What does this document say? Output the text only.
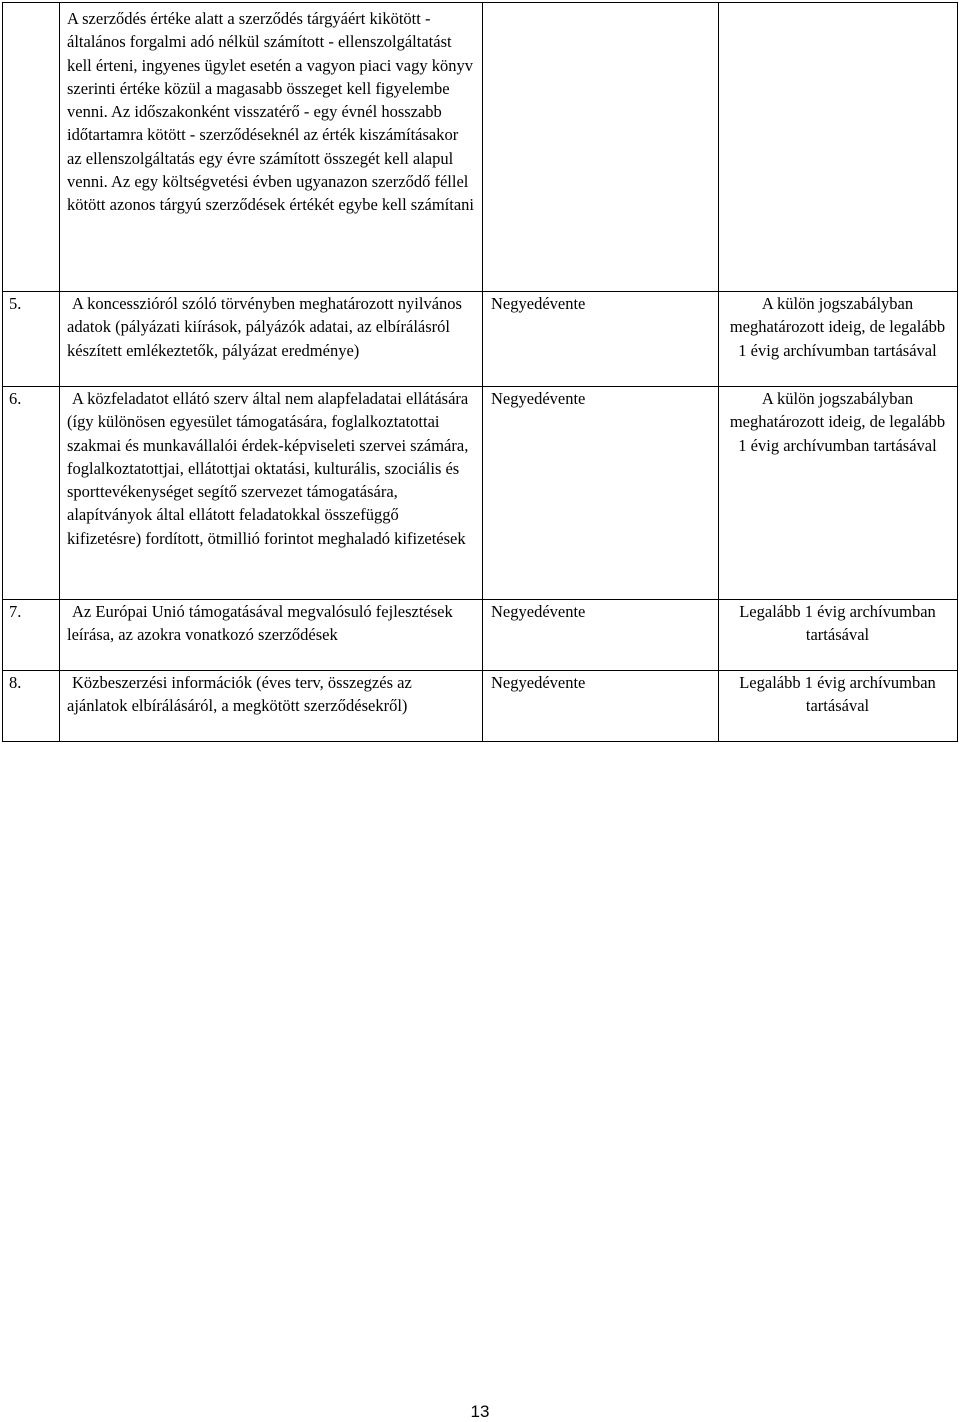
	A szerződés értéke alatt a szerződés tárgyáért kikötött - általános forgalmi adó nélkül számított - ellenszolgáltatást kell érteni, ingyenes ügylet esetén a vagyon piaci vagy könyv szerinti értéke közül a magasabb összeget kell figyelembe venni. Az időszakonként visszatérő - egy évnél hosszabb időtartamra kötött - szerződéseknél az érték kiszámításakor az ellenszolgáltatás egy évre számított összegét kell alapul venni. Az egy költségvetési évben ugyanazon szerződő féllel kötött azonos tárgyú szerződések értékét egybe kell számítani		

5.	A koncesszióról szóló törvényben meghatározott nyilvános adatok (pályázati kiírások, pályázók adatai, az elbírálásról készített emlékeztetők, pályázat eredménye)	Negyedévente	A külön jogszabályban meghatározott ideig, de legalább 1 évig archívumban tartásával

6.	A közfeladatot ellátó szerv által nem alapfeladatai ellátására (így különösen egyesület támogatására, foglalkoztatottai szakmai és munkavállalói érdek-képviseleti szervei számára, foglalkoztatottjai, ellátottjai oktatási, kulturális, szociális és sporttevékenységet segítő szervezet támogatására, alapítványok által ellátott feladatokkal összefüggő kifizetésre) fordított, ötmillió forintot meghaladó kifizetések	Negyedévente	A külön jogszabályban meghatározott ideig, de legalább 1 évig archívumban tartásával

7.	Az Európai Unió támogatásával megvalósuló fejlesztések leírása, az azokra vonatkozó szerződések	Negyedévente	Legalább 1 évig archívumban tartásával

8.	Közbeszerzési információk (éves terv, összegzés az ajánlatok elbírálásáról, a megkötött szerződésekről)	Negyedévente	Legalább 1 évig archívumban tartásával
13
